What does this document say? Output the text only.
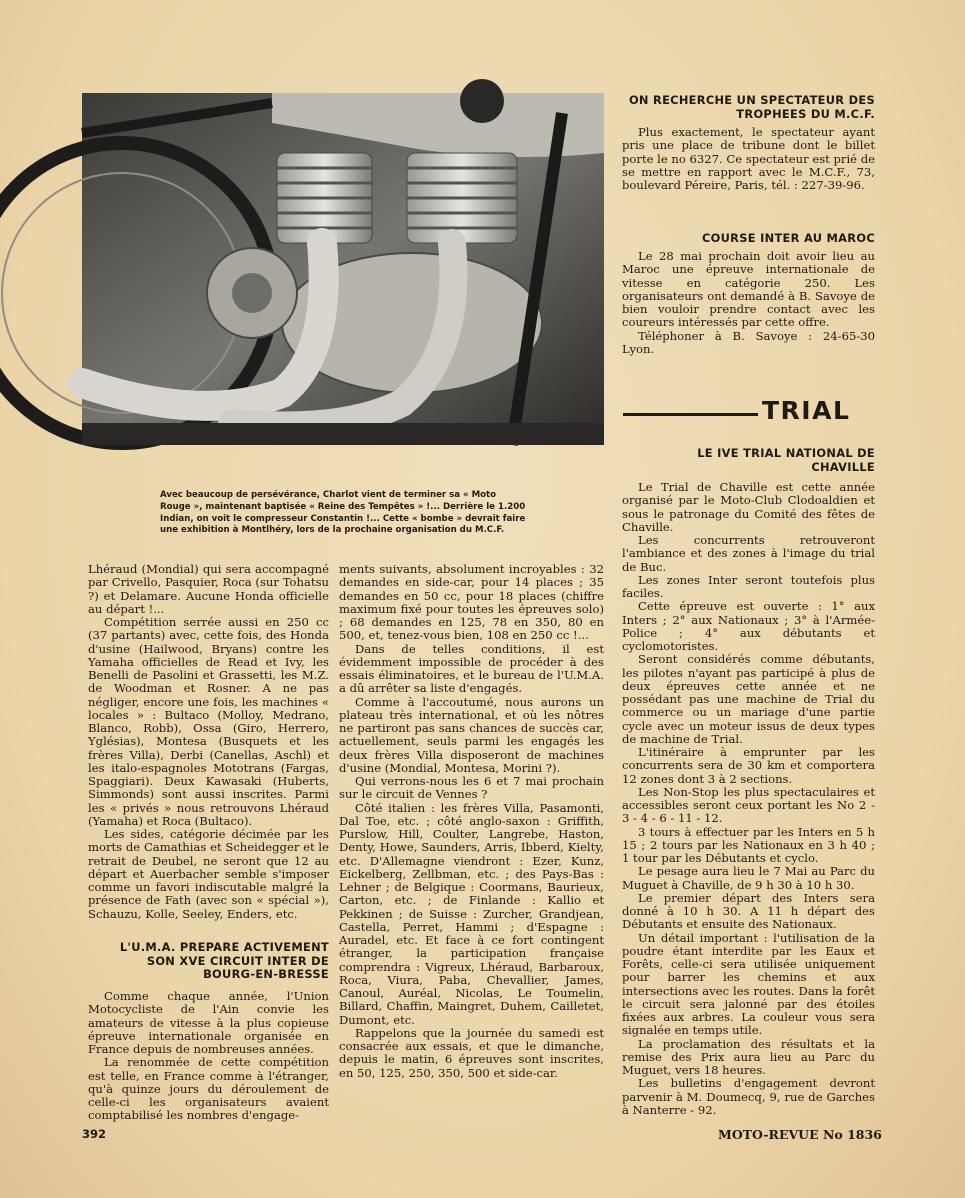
Avec beaucoup de persévérance, Charlot vient de terminer sa « Moto Rouge », maintenant baptisée « Reine des Tempêtes » !... Derrière le 1.200 Indian, on voit le compresseur Constantin !... Cette « bombe » devrait faire une exhibition à Montlhéry, lors de la prochaine organisation du M.C.F.
ON RECHERCHE UN SPECTATEUR DES TROPHEES DU M.C.F.

Plus exactement, le spectateur ayant pris une place de tribune dont le billet porte le no 6327. Ce spectateur est prié de se mettre en rapport avec le M.C.F., 73, boulevard Péreire, Paris, tél. : 227-39-96.

COURSE INTER AU MAROC

Le 28 mai prochain doit avoir lieu au Maroc une épreuve internationale de vitesse en catégorie 250. Les organisateurs ont demandé à B. Savoye de bien vouloir prendre contact avec les coureurs intéressés par cette offre.

Téléphoner à B. Savoye : 24-65-30 Lyon.

TRIAL
LE IVE TRIAL NATIONAL DE CHAVILLE

Le Trial de Chaville est cette année organisé par le Moto-Club Clodoaldien et sous le patronage du Comité des fêtes de Chaville.

Les concurrents retrouveront l'ambiance et des zones à l'image du trial de Buc.

Les zones Inter seront toutefois plus faciles.

Cette épreuve est ouverte : 1° aux Inters ; 2° aux Nationaux ; 3° à l'Armée-Police ; 4° aux débutants et cyclomotoristes.

Seront considérés comme débutants, les pilotes n'ayant pas participé à plus de deux épreuves cette année et ne possédant pas une machine de Trial du commerce ou un mariage d'une partie cycle avec un moteur issus de deux types de machine de Trial.

L'itinéraire à emprunter par les concurrents sera de 30 km et comportera 12 zones dont 3 à 2 sections.

Les Non-Stop les plus spectaculaires et accessibles seront ceux portant les No 2 - 3 - 4 - 6 - 11 - 12.

3 tours à effectuer par les Inters en 5 h 15 ; 2 tours par les Nationaux en 3 h 40 ; 1 tour par les Débutants et cyclo.

Le pesage aura lieu le 7 Mai au Parc du Muguet à Chaville, de 9 h 30 à 10 h 30.

Le premier départ des Inters sera donné à 10 h 30. A 11 h départ des Débutants et ensuite des Nationaux.

Un détail important : l'utilisation de la poudre étant interdite par les Eaux et Forêts, celle-ci sera utilisée uniquement pour barrer les chemins et aux intersections avec les routes. Dans la forêt le circuit sera jalonné par des étoiles fixées aux arbres. La couleur vous sera signalée en temps utile.

La proclamation des résultats et la remise des Prix aura lieu au Parc du Muguet, vers 18 heures.

Les bulletins d'engagement devront parvenir à M. Doumecq, 9, rue de Garches à Nanterre - 92.

Lhéraud (Mondial) qui sera accompagné par Crivello, Pasquier, Roca (sur Tohatsu ?) et Delamare. Aucune Honda officielle au départ !...

Compétition serrée aussi en 250 cc (37 partants) avec, cette fois, des Honda d'usine (Hailwood, Bryans) contre les Yamaha officielles de Read et Ivy, les Benelli de Pasolini et Grassetti, les M.Z. de Woodman et Rosner. A ne pas négliger, encore une fois, les machines « locales » : Bultaco (Molloy, Medrano, Blanco, Robb), Ossa (Giro, Herrero, Yglésias), Montesa (Busquets et les frères Villa), Derbi (Canellas, Aschl) et les italo-espagnoles Mototrans (Fargas, Spaggiari). Deux Kawasaki (Huberts, Simmonds) sont aussi inscrites. Parmi les « privés » nous retrouvons Lhéraud (Yamaha) et Roca (Bultaco).

Les sides, catégorie décimée par les morts de Camathias et Scheidegger et le retrait de Deubel, ne seront que 12 au départ et Auerbacher semble s'imposer comme un favori indiscutable malgré la présence de Fath (avec son « spécial »), Schauzu, Kolle, Seeley, Enders, etc.

L'U.M.A. PREPARE ACTIVEMENT SON XVE CIRCUIT INTER DE BOURG-EN-BRESSE

Comme chaque année, l'Union Motocycliste de l'Ain convie les amateurs de vitesse à la plus copieuse épreuve internationale organisée en France depuis de nombreuses années.

La renommée de cette compétition est telle, en France comme à l'étranger, qu'à quinze jours du déroulement de celle-ci les organisateurs avaient comptabilisé les nombres d'engage-

ments suivants, absolument incroyables : 32 demandes en side-car, pour 14 places ; 35 demandes en 50 cc, pour 18 places (chiffre maximum fixé pour toutes les épreuves solo) ; 68 demandes en 125, 78 en 350, 80 en 500, et, tenez-vous bien, 108 en 250 cc !...

Dans de telles conditions, il est évidemment impossible de procéder à des essais éliminatoires, et le bureau de l'U.M.A. a dû arrêter sa liste d'engagés.

Comme à l'accoutumé, nous aurons un plateau très international, et où les nôtres ne partiront pas sans chances de succès car, actuellement, seuls parmi les engagés les deux frères Villa disposeront de machines d'usine (Mondial, Montesa, Morini ?).

Qui verrons-nous les 6 et 7 mai prochain sur le circuit de Vennes ?

Côté italien : les frères Villa, Pasamonti, Dal Toe, etc. ; côté anglo-saxon : Griffith, Purslow, Hill, Coulter, Langrebe, Haston, Denty, Howe, Saunders, Arris, Ibberd, Kielty, etc. D'Allemagne viendront : Ezer, Kunz, Eickelberg, Zellbman, etc. ; des Pays-Bas : Lehner ; de Belgique : Coormans, Baurieux, Carton, etc. ; de Finlande : Kallio et Pekkinen ; de Suisse : Zurcher, Grandjean, Castella, Perret, Hammi ; d'Espagne : Auradel, etc. Et face à ce fort contingent étranger, la participation française comprendra : Vigreux, Lhéraud, Barbaroux, Roca, Viura, Paba, Chevallier, James, Canoul, Auréal, Nicolas, Le Toumelin, Billard, Chaffin, Maingret, Duhem, Cailletet, Dumont, etc.

Rappelons que la journée du samedi est consacrée aux essais, et que le dimanche, depuis le matin, 6 épreuves sont inscrites, en 50, 125, 250, 350, 500 et side-car.

392	MOTO-REVUE No 1836
